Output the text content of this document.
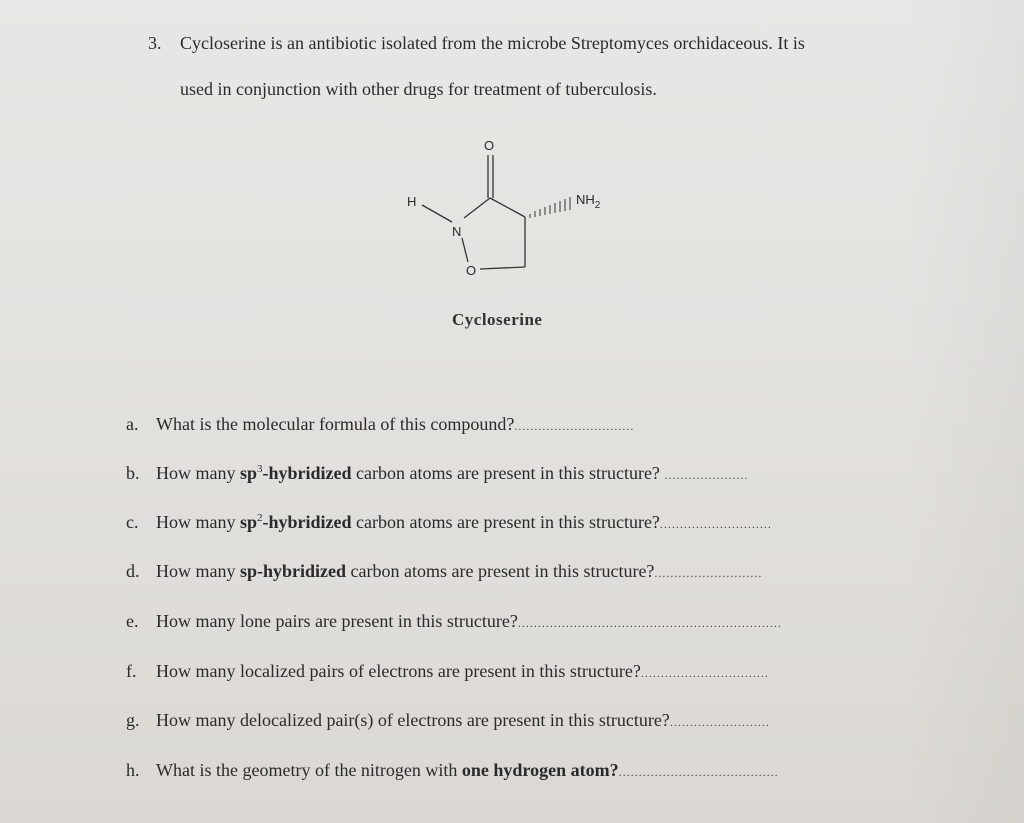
3. Cycloserine is an antibiotic isolated from the microbe Streptomyces orchidaceous. It is
used in conjunction with other drugs for treatment of tuberculosis.
O
H
N
O
$NH_2$
Cycloserine
a. What is the molecular formula of this compound?..............................
b. How many $sp^3$-hybridized carbon atoms are present in this structure? .....................
c. How many $sp^2$-hybridized carbon atoms are present in this structure?............................
d. How many sp-hybridized carbon atoms are present in this structure?...........................
e. How many lone pairs are present in this structure?..................................................................
f.	How many localized pairs of electrons are present in this structure?................................
g. How many delocalized pair(s) of electrons are present in this structure?.........................
h. What is the geometry of the nitrogen with one hydrogen atom?........................................
